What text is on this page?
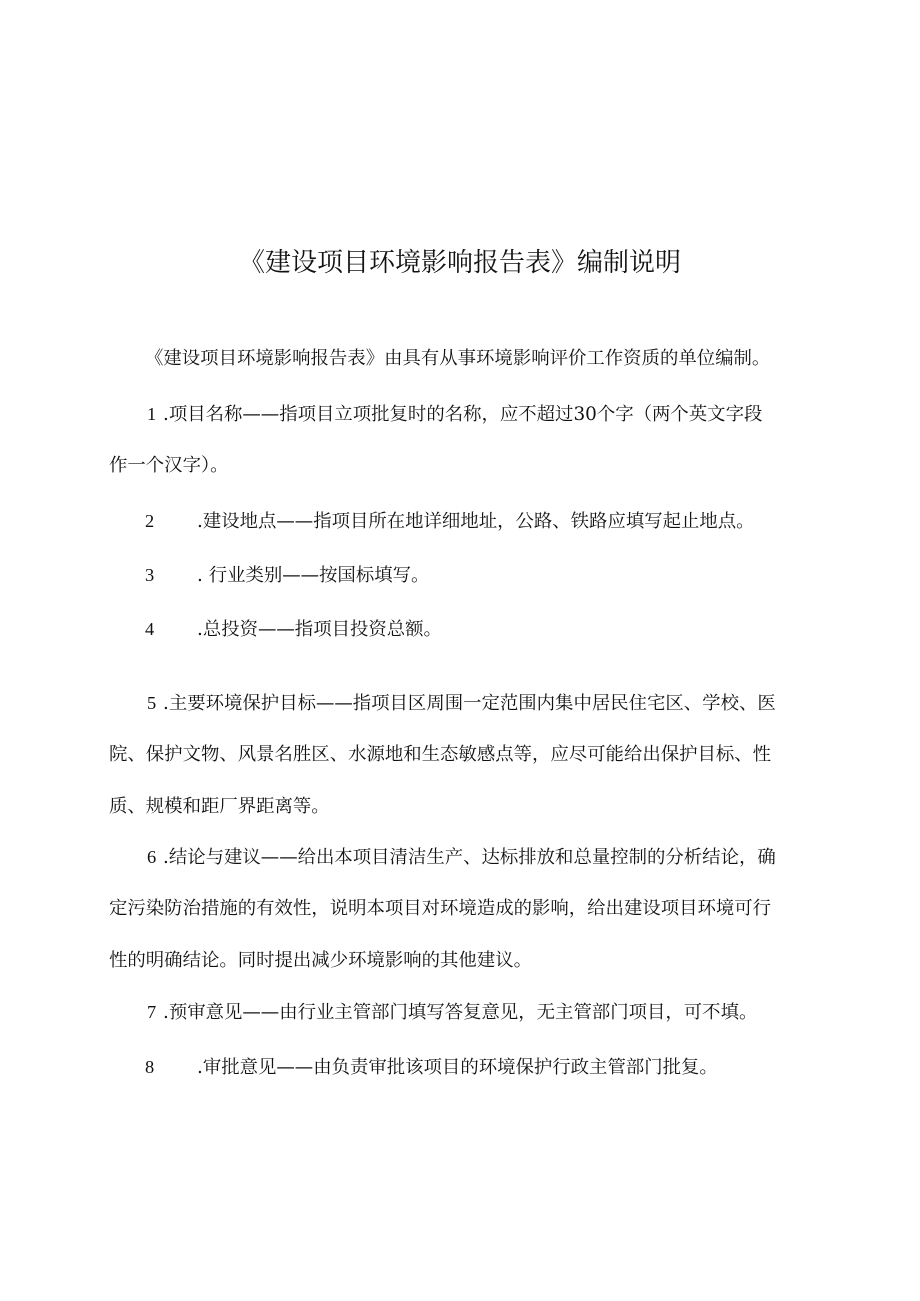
《建设项目环境影响报告表》编制说明
《建设项目环境影响报告表》由具有从事环境影响评价工作资质的单位编制。
1 .项目名称——指项目立项批复时的名称，应不超过30个字（两个英文字段
作一个汉字）。
2 .建设地点——指项目所在地详细地址，公路、铁路应填写起止地点。
3 . 行业类别——按国标填写。
4 .总投资——指项目投资总额。
5 .主要环境保护目标——指项目区周围一定范围内集中居民住宅区、学校、医
院、保护文物、风景名胜区、水源地和生态敏感点等，应尽可能给出保护目标、性
质、规模和距厂界距离等。
6 .结论与建议——给出本项目清洁生产、达标排放和总量控制的分析结论，确
定污染防治措施的有效性，说明本项目对环境造成的影响，给出建设项目环境可行
性的明确结论。同时提出减少环境影响的其他建议。
7 .预审意见——由行业主管部门填写答复意见，无主管部门项目，可不填。
8 .审批意见——由负责审批该项目的环境保护行政主管部门批复。
